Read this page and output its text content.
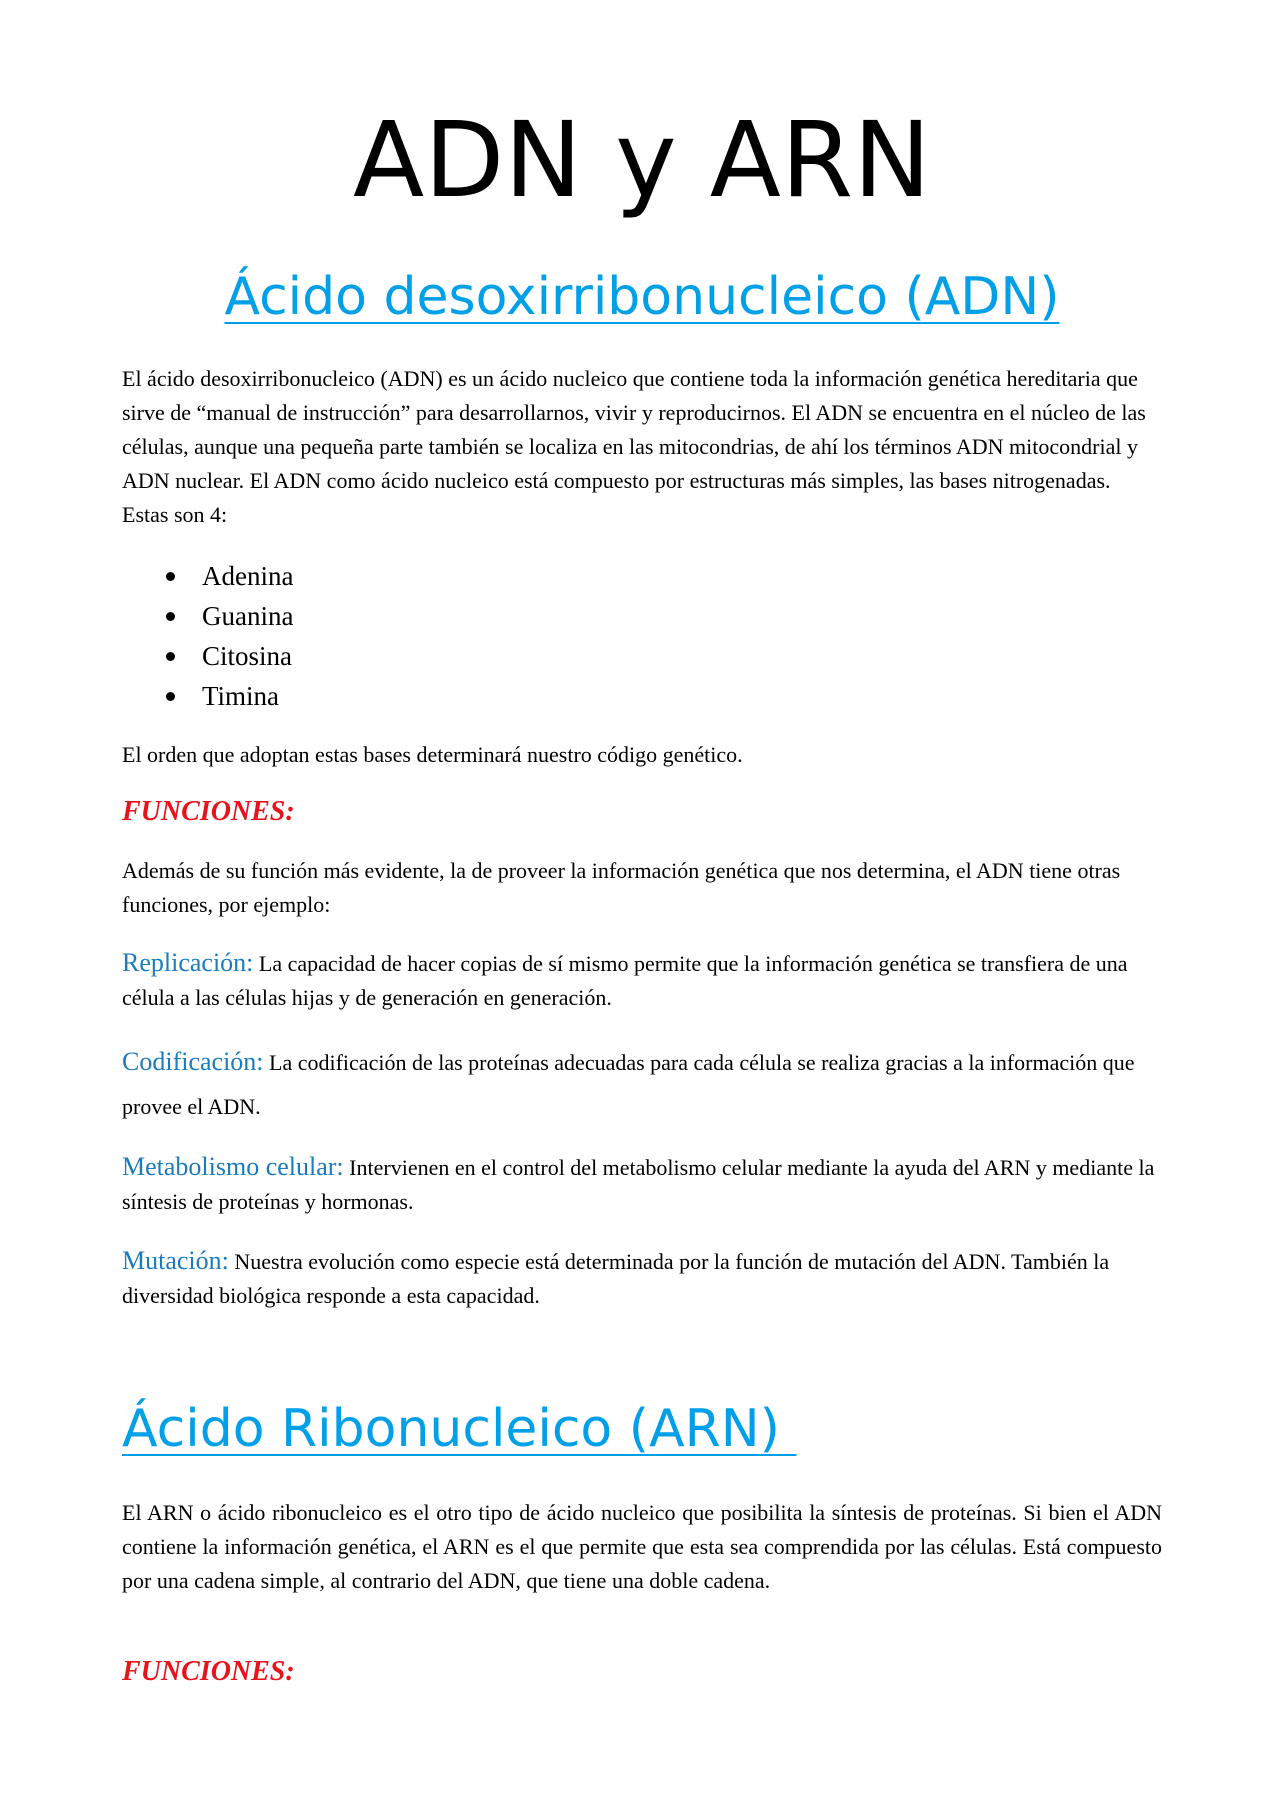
ADN y ARN
Ácido desoxirribonucleico (ADN)

El ácido desoxirribonucleico (ADN) es un ácido nucleico que contiene toda la información genética hereditaria que sirve de “manual de instrucción” para desarrollarnos, vivir y reproducirnos. El ADN se encuentra en el núcleo de las células, aunque una pequeña parte también se localiza en las mitocondrias, de ahí los términos ADN mitocondrial y ADN nuclear. El ADN como ácido nucleico está compuesto por estructuras más simples, las bases nitrogenadas. Estas son 4:

Adenina
Guanina
Citosina
Timina

El orden que adoptan estas bases determinará nuestro código genético.

FUNCIONES:

Además de su función más evidente, la de proveer la información genética que nos determina, el ADN tiene otras funciones, por ejemplo:

Replicación: La capacidad de hacer copias de sí mismo permite que la información genética se transfiera de una célula a las células hijas y de generación en generación.

Codificación: La codificación de las proteínas adecuadas para cada célula se realiza gracias a la información que provee el ADN.

Metabolismo celular: Intervienen en el control del metabolismo celular mediante la ayuda del ARN y mediante la síntesis de proteínas y hormonas.

Mutación: Nuestra evolución como especie está determinada por la función de mutación del ADN. También la diversidad biológica responde a esta capacidad.

Ácido Ribonucleico (ARN)

El ARN o ácido ribonucleico es el otro tipo de ácido nucleico que posibilita la síntesis de proteínas. Si bien el ADN contiene la información genética, el ARN es el que permite que esta sea comprendida por las células. Está compuesto por una cadena simple, al contrario del ADN, que tiene una doble cadena.

FUNCIONES:
